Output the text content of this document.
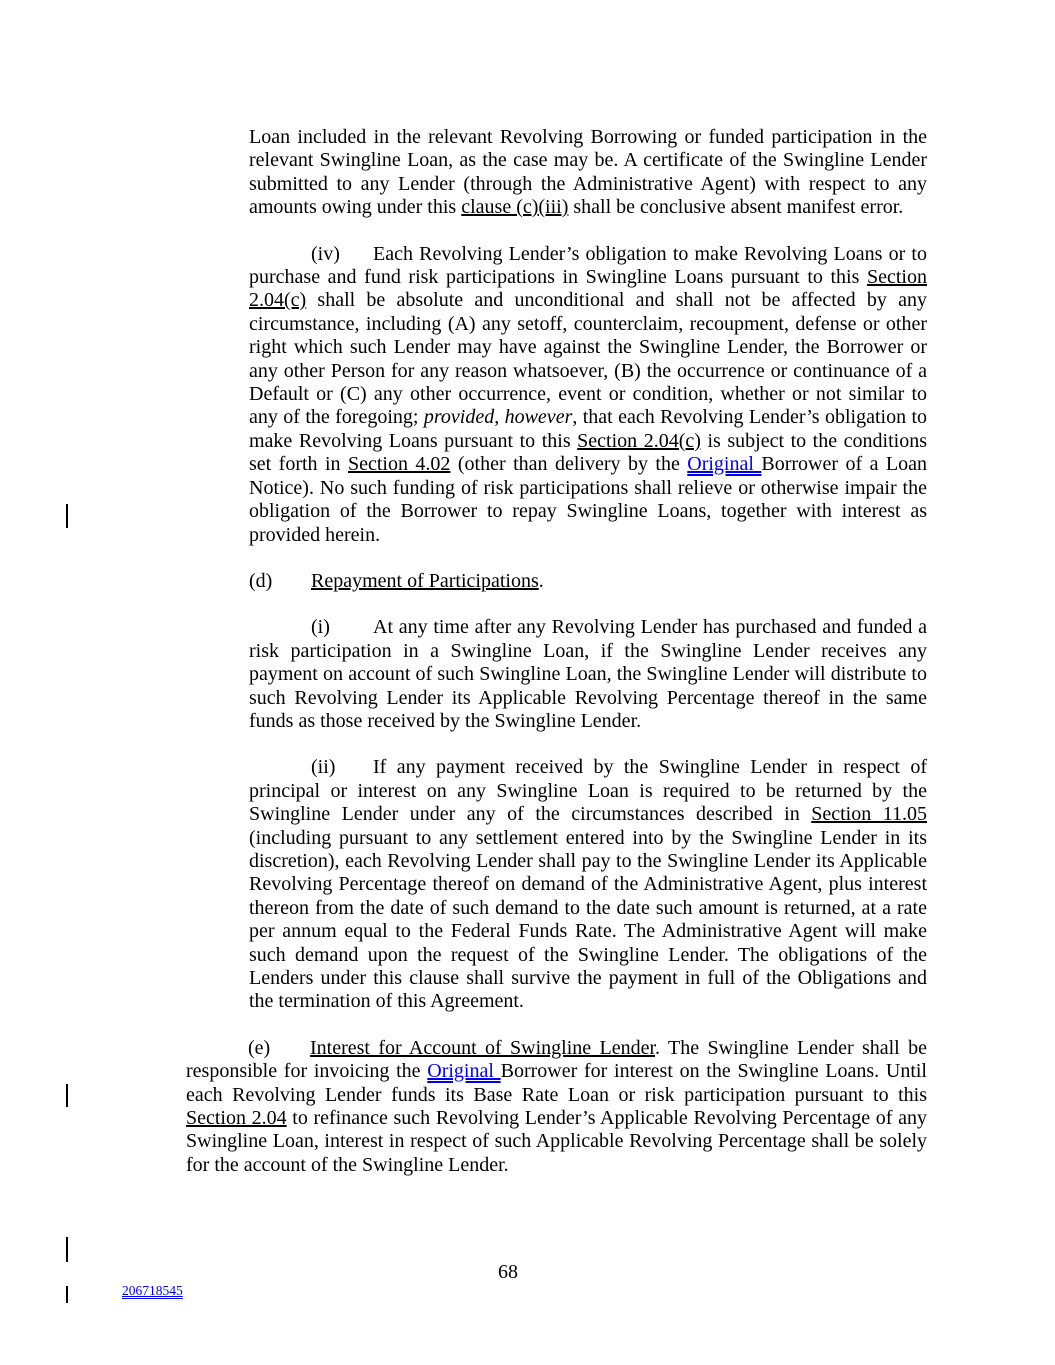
Loan included in the relevant Revolving Borrowing or funded participation in the relevant Swingline Loan, as the case may be. A certificate of the Swingline Lender submitted to any Lender (through the Administrative Agent) with respect to any amounts owing under this clause (c)(iii) shall be conclusive absent manifest error.

(iv) Each Revolving Lender’s obligation to make Revolving Loans or to purchase and fund risk participations in Swingline Loans pursuant to this Section 2.04(c) shall be absolute and unconditional and shall not be affected by any circumstance, including (A) any setoff, counterclaim, recoupment, defense or other right which such Lender may have against the Swingline Lender, the Borrower or any other Person for any reason whatsoever, (B) the occurrence or continuance of a Default or (C) any other occurrence, event or condition, whether or not similar to any of the foregoing; provided, however, that each Revolving Lender’s obligation to make Revolving Loans pursuant to this Section 2.04(c) is subject to the conditions set forth in Section 4.02 (other than delivery by the Original Borrower of a Loan Notice). No such funding of risk participations shall relieve or otherwise impair the obligation of the Borrower to repay Swingline Loans, together with interest as provided herein.

(d) Repayment of Participations.

(i) At any time after any Revolving Lender has purchased and funded a risk participation in a Swingline Loan, if the Swingline Lender receives any payment on account of such Swingline Loan, the Swingline Lender will distribute to such Revolving Lender its Applicable Revolving Percentage thereof in the same funds as those received by the Swingline Lender.

(ii) If any payment received by the Swingline Lender in respect of principal or interest on any Swingline Loan is required to be returned by the Swingline Lender under any of the circumstances described in Section 11.05 (including pursuant to any settlement entered into by the Swingline Lender in its discretion), each Revolving Lender shall pay to the Swingline Lender its Applicable Revolving Percentage thereof on demand of the Administrative Agent, plus interest thereon from the date of such demand to the date such amount is returned, at a rate per annum equal to the Federal Funds Rate. The Administrative Agent will make such demand upon the request of the Swingline Lender. The obligations of the Lenders under this clause shall survive the payment in full of the Obligations and the termination of this Agreement.

(e) Interest for Account of Swingline Lender. The Swingline Lender shall be responsible for invoicing the Original Borrower for interest on the Swingline Loans. Until each Revolving Lender funds its Base Rate Loan or risk participation pursuant to this Section 2.04 to refinance such Revolving Lender’s Applicable Revolving Percentage of any Swingline Loan, interest in respect of such Applicable Revolving Percentage shall be solely for the account of the Swingline Lender.

68
206718545
